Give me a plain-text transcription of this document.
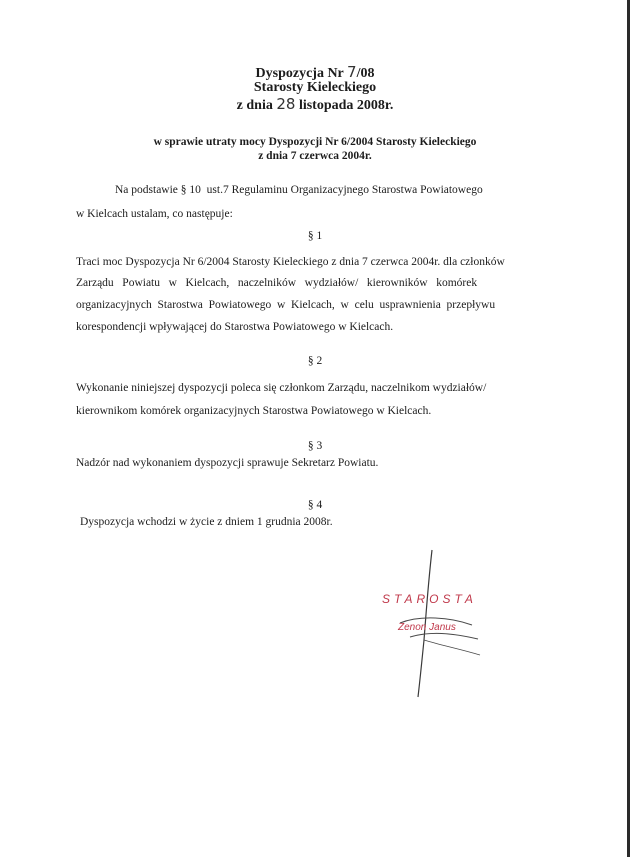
Dyspozycja Nr 7/08
Starosty Kieleckiego
z dnia 28 listopada 2008r.
w sprawie utraty mocy Dyspozycji Nr 6/2004 Starosty Kieleckiego
z dnia 7 czerwca 2004r.
Na podstawie § 10  ust.7 Regulaminu Organizacyjnego Starostwa Powiatowego
w Kielcach ustalam, co następuje:
§ 1
Traci moc Dyspozycja Nr 6/2004 Starosty Kieleckiego z dnia 7 czerwca 2004r. dla członków
Zarządu   Powiatu   w   Kielcach,   naczelników   wydziałów/   kierowników   komórek
organizacyjnych  Starostwa  Powiatowego  w  Kielcach,  w  celu  usprawnienia  przepływu
korespondencji wpływającej do Starostwa Powiatowego w Kielcach.
§ 2
Wykonanie niniejszej dyspozycji poleca się członkom Zarządu, naczelnikom wydziałów/
kierownikom komórek organizacyjnych Starostwa Powiatowego w Kielcach.
§ 3
Nadzór nad wykonaniem dyspozycji sprawuje Sekretarz Powiatu.
§ 4
Dyspozycja wchodzi w życie z dniem 1 grudnia 2008r.
STAROSTA
Zenon Janus
